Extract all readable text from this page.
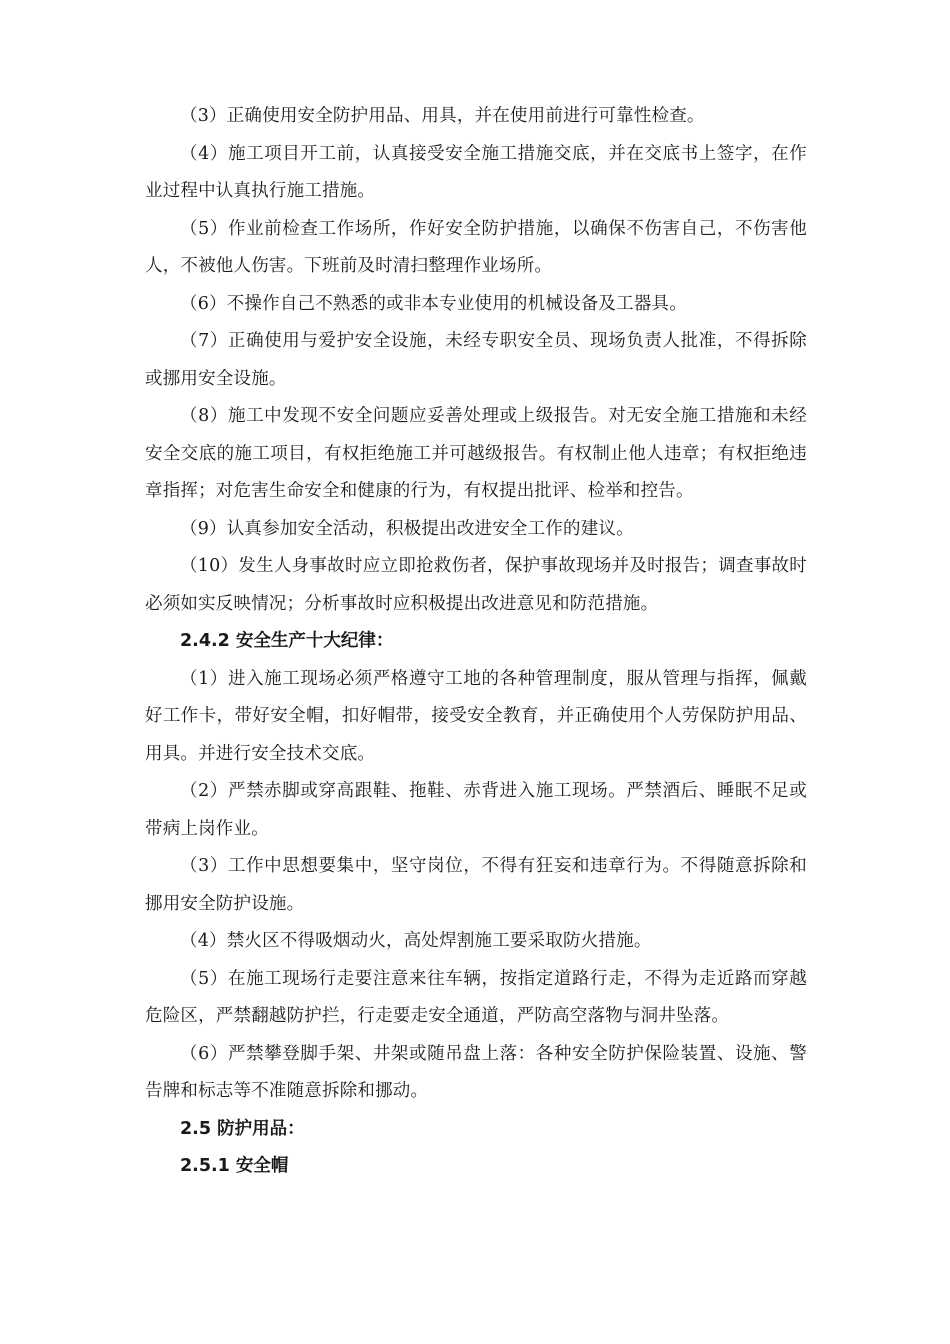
（3）正确使用安全防护用品、用具，并在使用前进行可靠性检查。

（4）施工项目开工前，认真接受安全施工措施交底，并在交底书上签字，在作业过程中认真执行施工措施。

（5）作业前检查工作场所，作好安全防护措施，以确保不伤害自己，不伤害他人，不被他人伤害。下班前及时清扫整理作业场所。

（6）不操作自己不熟悉的或非本专业使用的机械设备及工器具。

（7）正确使用与爱护安全设施，未经专职安全员、现场负责人批准，不得拆除或挪用安全设施。

（8）施工中发现不安全问题应妥善处理或上级报告。对无安全施工措施和未经安全交底的施工项目，有权拒绝施工并可越级报告。有权制止他人违章；有权拒绝违章指挥；对危害生命安全和健康的行为，有权提出批评、检举和控告。

（9）认真参加安全活动，积极提出改进安全工作的建议。

（10）发生人身事故时应立即抢救伤者，保护事故现场并及时报告；调查事故时必须如实反映情况；分析事故时应积极提出改进意见和防范措施。

2.4.2 安全生产十大纪律：

（1）进入施工现场必须严格遵守工地的各种管理制度，服从管理与指挥，佩戴好工作卡，带好安全帽，扣好帽带，接受安全教育，并正确使用个人劳保防护用品、用具。并进行安全技术交底。

（2）严禁赤脚或穿高跟鞋、拖鞋、赤背进入施工现场。严禁酒后、睡眠不足或带病上岗作业。

（3）工作中思想要集中，坚守岗位，不得有狂妄和违章行为。不得随意拆除和挪用安全防护设施。

（4）禁火区不得吸烟动火，高处焊割施工要采取防火措施。

（5）在施工现场行走要注意来往车辆，按指定道路行走，不得为走近路而穿越危险区，严禁翻越防护拦，行走要走安全通道，严防高空落物与洞井坠落。

（6）严禁攀登脚手架、井架或随吊盘上落：各种安全防护保险装置、设施、警告牌和标志等不准随意拆除和挪动。

2.5 防护用品：

2.5.1 安全帽
